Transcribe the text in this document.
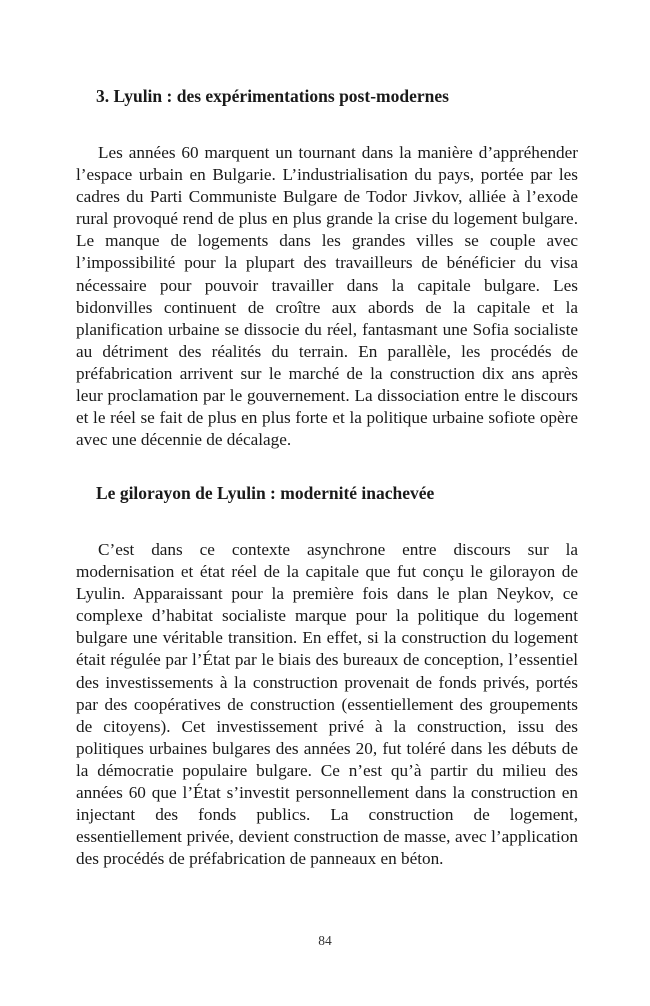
3. Lyulin : des expérimentations post-modernes

Les années 60 marquent un tournant dans la manière d’appréhender l’espace urbain en Bulgarie. L’industrialisation du pays, portée par les cadres du Parti Communiste Bulgare de Todor Jivkov, alliée à l’exode rural provoqué rend de plus en plus grande la crise du logement bulgare. Le manque de logements dans les grandes villes se couple avec l’impossibilité pour la plupart des travailleurs de bénéficier du visa nécessaire pour pouvoir travailler dans la capitale bulgare. Les bidonvilles continuent de croître aux abords de la capitale et la planification urbaine se dissocie du réel, fantasmant une Sofia socialiste au détriment des réalités du terrain. En parallèle, les procédés de préfabrication arrivent sur le marché de la construction dix ans après leur proclamation par le gouvernement. La dissociation entre le discours et le réel se fait de plus en plus forte et la politique urbaine sofiote opère avec une décennie de décalage.

Le gilorayon de Lyulin : modernité inachevée

C’est dans ce contexte asynchrone entre discours sur la modernisation et état réel de la capitale que fut conçu le gilorayon de Lyulin. Apparaissant pour la première fois dans le plan Neykov, ce complexe d’habitat socialiste marque pour la politique du logement bulgare une véritable transition. En effet, si la construction du logement était régulée par l’État par le biais des bureaux de conception, l’essentiel des investissements à la construction provenait de fonds privés, portés par des coopératives de construction (essentiellement des groupements de citoyens). Cet investissement privé à la construction, issu des politiques urbaines bulgares des années 20, fut toléré dans les débuts de la démocratie populaire bulgare. Ce n’est qu’à partir du milieu des années 60 que l’État s’investit personnellement dans la construction en injectant des fonds publics. La construction de logement, essentiellement privée, devient construction de masse, avec l’application des procédés de préfabrication de panneaux en béton.

84
